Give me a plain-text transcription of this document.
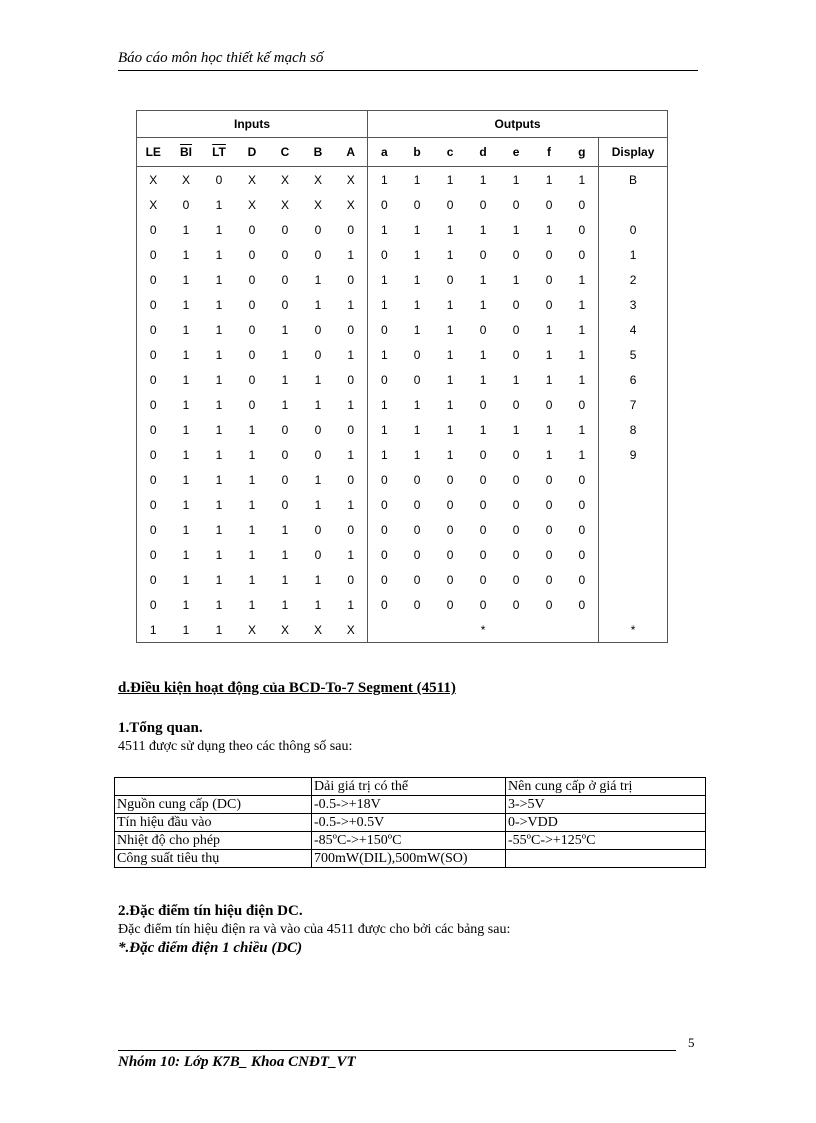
Báo cáo môn học thiết kế mạch số
Inputs							Outputs							
LE	$\overline{BI}$	$\overline{LT}$	D	C	B	A	a	b	c	d	e	f	g	Display
X	X	0	X	X	X	X	1	1	1	1	1	1	1	B
X	0	1	X	X	X	X	0	0	0	0	0	0	0	
0	1	1	0	0	0	0	1	1	1	1	1	1	0	0
0	1	1	0	0	0	1	0	1	1	0	0	0	0	1
0	1	1	0	0	1	0	1	1	0	1	1	0	1	2
0	1	1	0	0	1	1	1	1	1	1	0	0	1	3
0	1	1	0	1	0	0	0	1	1	0	0	1	1	4
0	1	1	0	1	0	1	1	0	1	1	0	1	1	5
0	1	1	0	1	1	0	0	0	1	1	1	1	1	6
0	1	1	0	1	1	1	1	1	1	0	0	0	0	7
0	1	1	1	0	0	0	1	1	1	1	1	1	1	8
0	1	1	1	0	0	1	1	1	1	0	0	1	1	9
0	1	1	1	0	1	0	0	0	0	0	0	0	0	
0	1	1	1	0	1	1	0	0	0	0	0	0	0	
0	1	1	1	1	0	0	0	0	0	0	0	0	0	
0	1	1	1	1	0	1	0	0	0	0	0	0	0	
0	1	1	1	1	1	0	0	0	0	0	0	0	0	
0	1	1	1	1	1	1	0	0	0	0	0	0	0	
1	1	1	X	X	X	X				*				*
d.Điều kiện hoạt động của BCD-To-7 Segment (4511)
1.Tổng quan.
4511 được sử dụng theo các thông số sau:
	Dải giá trị có thể	Nên cung cấp ở giá trị
Nguồn cung cấp (DC)	-0.5->+18V	3->5V
Tín hiệu đầu vào	-0.5->+0.5V	0->VDD
Nhiệt độ cho phép	-85ºC->+150ºC	-55ºC->+125ºC
Công suất tiêu thụ	700mW(DIL),500mW(SO)	
2.Đặc điểm tín hiệu điện DC.
Đặc điểm tín hiệu điện ra và vào của 4511 được cho bởi các bảng sau:
*.Đặc điểm điện 1 chiều (DC)
5
Nhóm 10: Lớp K7B_ Khoa CNĐT_VT
